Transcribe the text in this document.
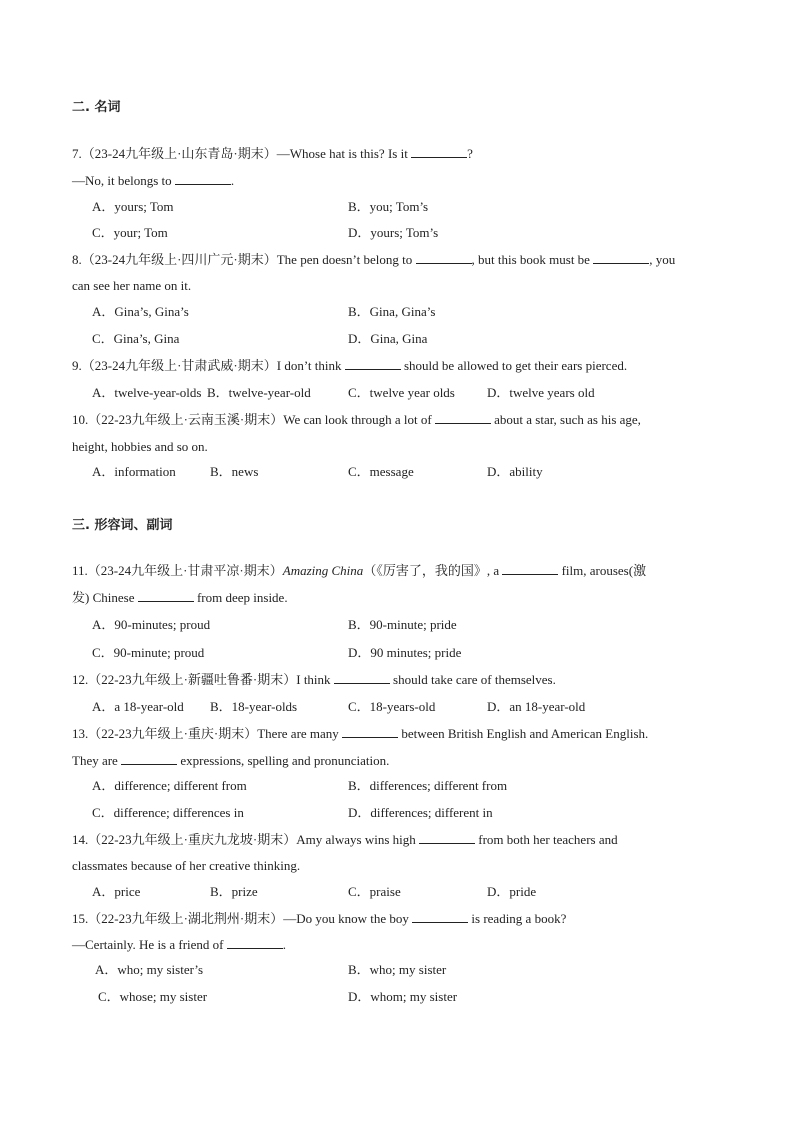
二. 名词
7.（23-24九年级上·山东青岛·期末）—Whose hat is this? Is it	?
—No, it belongs to	.
A．yours; Tom	B．you; Tom’s
C．your; Tom	D．yours; Tom’s
8.（23-24九年级上·四川广元·期末）The pen doesn’t belong to	, but this book must be	, you
can see her name on it.
A．Gina’s, Gina’s	B．Gina, Gina’s
C．Gina’s, Gina	D．Gina, Gina
9.（23-24九年级上·甘肃武威·期末）I don’t think	should be allowed to get their ears pierced.
A．twelve-year-olds B．twelve-year-old	C．twelve year olds D．twelve years old
10.（22-23九年级上·云南玉溪·期末）We can look through a lot of	about a star, such as his age,
height, hobbies and so on.
A．information	B．news	C．message	D．ability
三. 形容词、副词
11.（23-24九年级上·甘肃平凉·期末）Amazing China（《厉害了，我的国》, a	film, arouses(激
发) Chinese	from deep inside.
A．90-minutes; proud	B．90-minute; pride
C．90-minute; proud	D．90 minutes; pride
12.（22-23九年级上·新疆吐鲁番·期末）I think	should take care of themselves.
A．a 18-year-old B．18-year-olds	C．18-years-old	D．an 18-year-old
13.（22-23九年级上·重庆·期末）There are many	between British English and American English.
They are	expressions, spelling and pronunciation.
A．difference; different from	B．differences; different from
C．difference; differences in	D．differences; different in
14.（22-23九年级上·重庆九龙坡·期末）Amy always wins high	from both her teachers and
classmates because of her creative thinking.
A．price	B．prize	C．praise	D．pride
15.（22-23九年级上·湖北荆州·期末）—Do you know the boy	is reading a book?
—Certainly. He is a friend of	.
A．who; my sister’s	B．who; my sister
C．whose; my sister	D．whom; my sister
